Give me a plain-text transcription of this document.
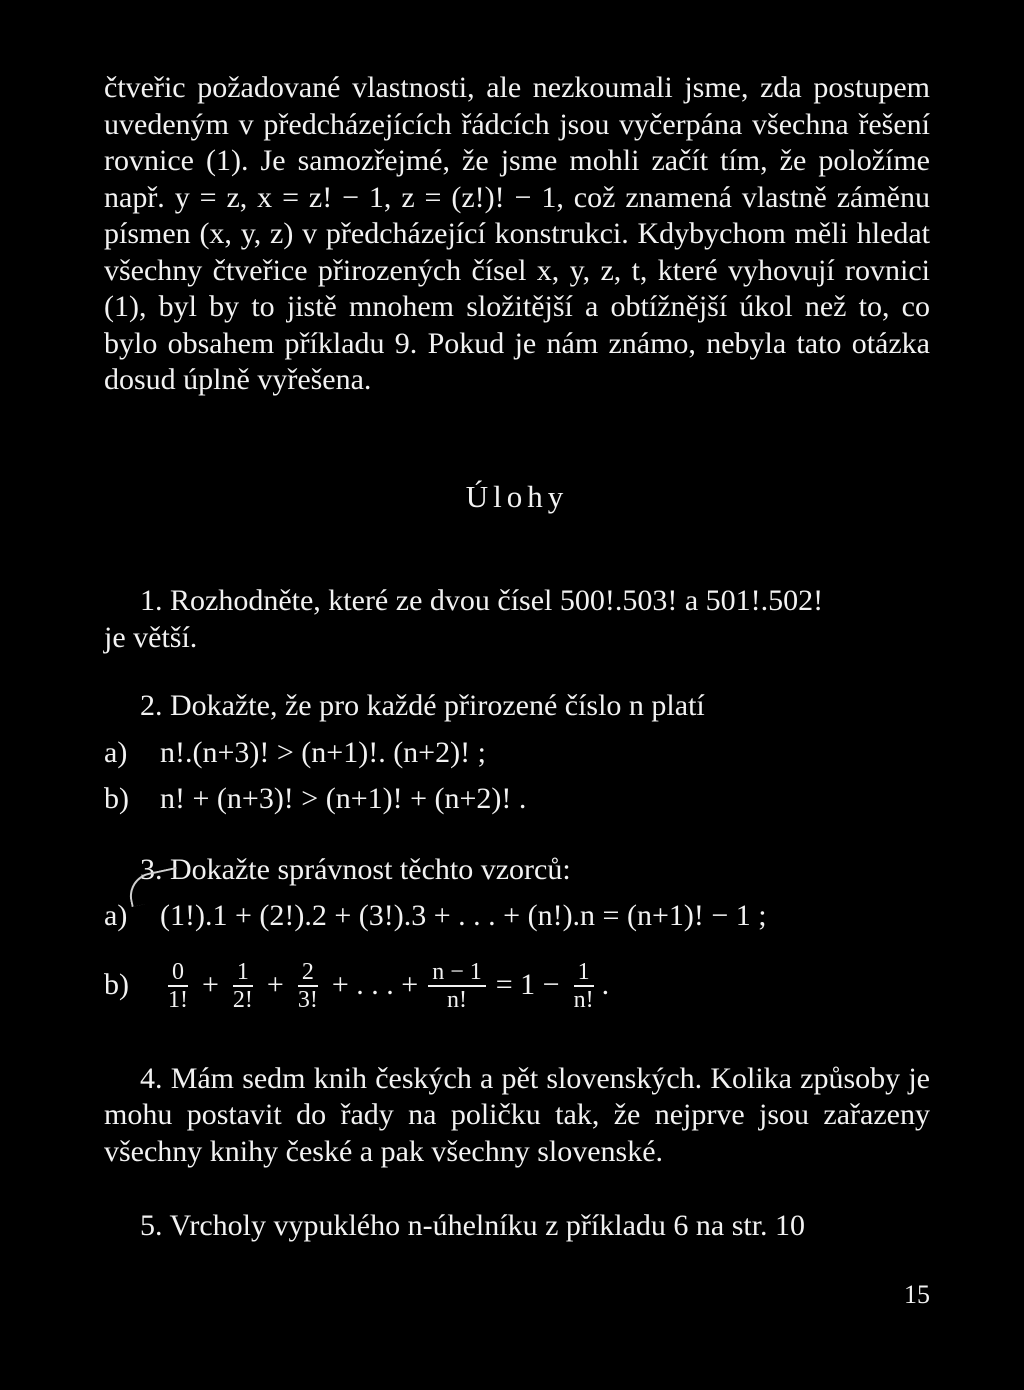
čtveřic požadované vlastnosti, ale nezkoumali jsme, zda postupem uvedeným v předcházejících řádcích jsou vyčerpána všechna řešení rovnice (1). Je samozřejmé, že jsme mohli začít tím, že položíme např. y = z, x = z! − 1, z = (z!)! − 1, což znamená vlastně záměnu písmen (x, y, z) v předcházející konstrukci. Kdybychom měli hledat všechny čtveřice přirozených čísel x, y, z, t, které vyhovují rovnici (1), byl by to jistě mnohem složitější a obtížnější úkol než to, co bylo obsahem příkladu 9. Pokud je nám známo, nebyla tato otázka dosud úplně vyřešena.

Úlohy

1. Rozhodněte, které ze dvou čísel 500!.503! a 501!.502!

je větší.

2. Dokažte, že pro každé přirozené číslo n platí

a)	n!.(n+3)! > (n+1)!. (n+2)! ;
b)	n! + (n+3)! > (n+1)! + (n+2)! .

3. Dokažte správnost těchto vzorců:

a)	(1!).1 + (2!).2 + (3!).3 + . . . + (n!).n = (n+1)! − 1 ;
b)	$\frac{0}{1!} + \frac{1}{2!} + \frac{2}{3!}$ + . . . + $\frac{n - 1}{n!} = 1 - \frac{1}{n!}$ .

4. Mám sedm knih českých a pět slovenských. Kolika způsoby je mohu postavit do řady na poličku tak, že nejprve jsou zařazeny všechny knihy české a pak všechny slovenské.

5. Vrcholy vypuklého n-úhelníku z příkladu 6 na str. 10

15
